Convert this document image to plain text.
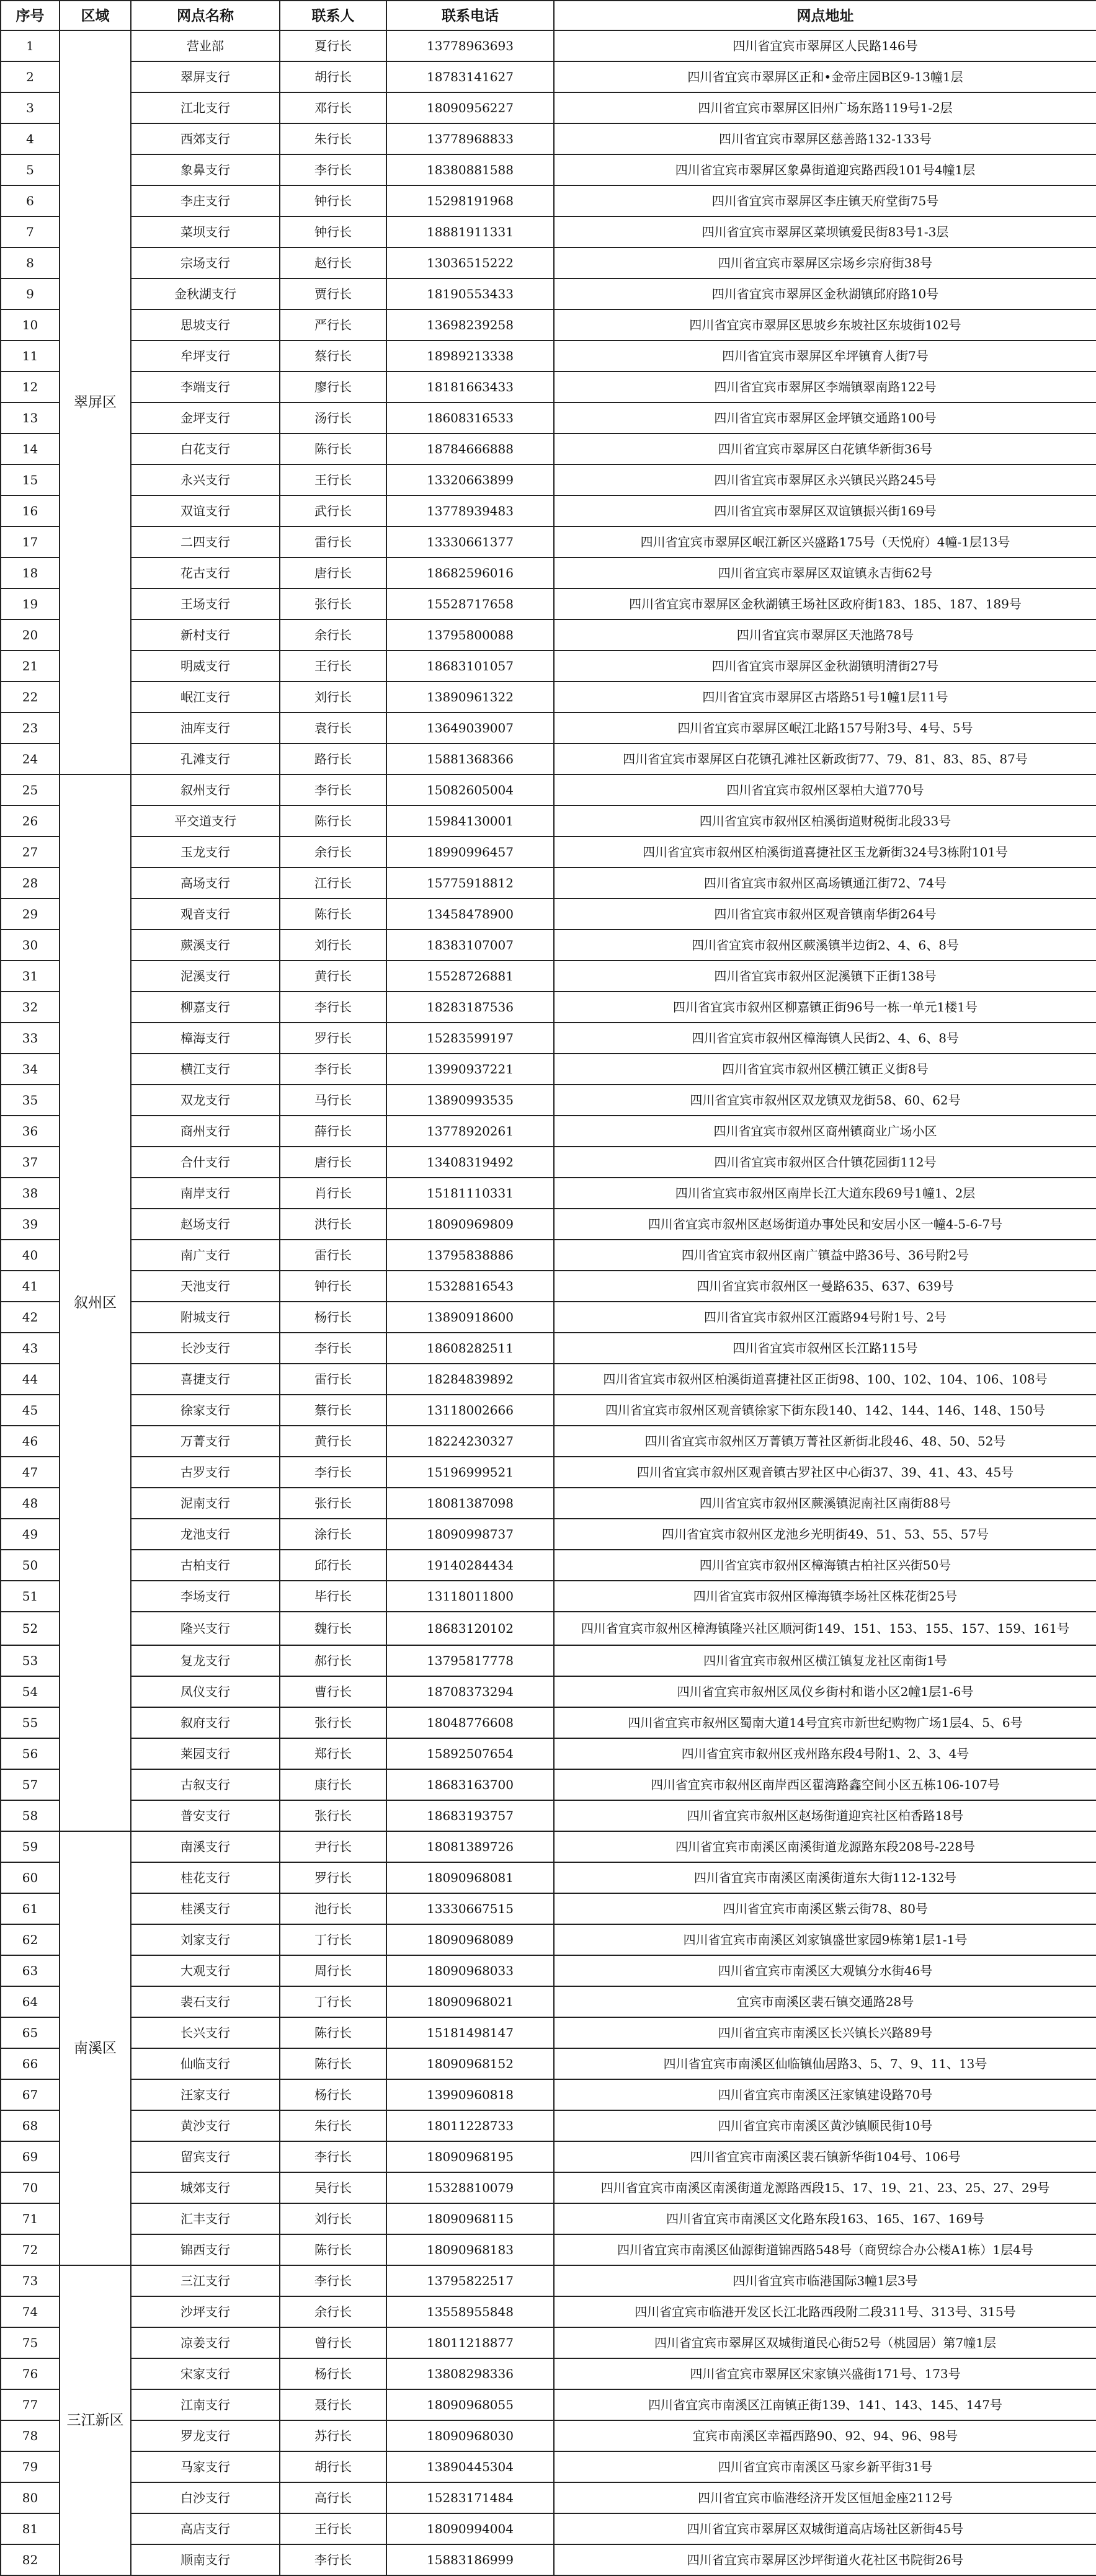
序号	区域	网点名称	联系人	联系电话	网点地址
1	翠屏区	营业部	夏行长	13778963693	四川省宜宾市翠屏区人民路146号
2		翠屏支行	胡行长	18783141627	四川省宜宾市翠屏区正和•金帝庄园B区9-13幢1层
3		江北支行	邓行长	18090956227	四川省宜宾市翠屏区旧州广场东路119号1-2层
4		西郊支行	朱行长	13778968833	四川省宜宾市翠屏区慈善路132-133号
5		象鼻支行	李行长	18380881588	四川省宜宾市翠屏区象鼻街道迎宾路西段101号4幢1层
6		李庄支行	钟行长	15298191968	四川省宜宾市翠屏区李庄镇天府堂街75号
7		菜坝支行	钟行长	18881911331	四川省宜宾市翠屏区菜坝镇爱民街83号1-3层
8		宗场支行	赵行长	13036515222	四川省宜宾市翠屏区宗场乡宗府街38号
9		金秋湖支行	贾行长	18190553433	四川省宜宾市翠屏区金秋湖镇邱府路10号
10		思坡支行	严行长	13698239258	四川省宜宾市翠屏区思坡乡东坡社区东坡街102号
11		牟坪支行	蔡行长	18989213338	四川省宜宾市翠屏区牟坪镇育人街7号
12		李端支行	廖行长	18181663433	四川省宜宾市翠屏区李端镇翠南路122号
13		金坪支行	汤行长	18608316533	四川省宜宾市翠屏区金坪镇交通路100号
14		白花支行	陈行长	18784666888	四川省宜宾市翠屏区白花镇华新街36号
15		永兴支行	王行长	13320663899	四川省宜宾市翠屏区永兴镇民兴路245号
16		双谊支行	武行长	13778939483	四川省宜宾市翠屏区双谊镇振兴街169号
17		二四支行	雷行长	13330661377	四川省宜宾市翠屏区岷江新区兴盛路175号（天悦府）4幢-1层13号
18		花古支行	唐行长	18682596016	四川省宜宾市翠屏区双谊镇永吉街62号
19		王场支行	张行长	15528717658	四川省宜宾市翠屏区金秋湖镇王场社区政府街183、185、187、189号
20		新村支行	余行长	13795800088	四川省宜宾市翠屏区天池路78号
21		明威支行	王行长	18683101057	四川省宜宾市翠屏区金秋湖镇明清街27号
22		岷江支行	刘行长	13890961322	四川省宜宾市翠屏区古塔路51号1幢1层11号
23		油库支行	袁行长	13649039007	四川省宜宾市翠屏区岷江北路157号附3号、4号、5号
24		孔滩支行	路行长	15881368366	四川省宜宾市翠屏区白花镇孔滩社区新政街77、79、81、83、85、87号
25	叙州区	叙州支行	李行长	15082605004	四川省宜宾市叙州区翠柏大道770号
26		平交道支行	陈行长	15984130001	四川省宜宾市叙州区柏溪街道财税街北段33号
27		玉龙支行	余行长	18990996457	四川省宜宾市叙州区柏溪街道喜捷社区玉龙新街324号3栋附101号
28		高场支行	江行长	15775918812	四川省宜宾市叙州区高场镇通江街72、74号
29		观音支行	陈行长	13458478900	四川省宜宾市叙州区观音镇南华街264号
30		蕨溪支行	刘行长	18383107007	四川省宜宾市叙州区蕨溪镇半边街2、4、6、8号
31		泥溪支行	黄行长	15528726881	四川省宜宾市叙州区泥溪镇下正街138号
32		柳嘉支行	李行长	18283187536	四川省宜宾市叙州区柳嘉镇正街96号一栋一单元1楼1号
33		樟海支行	罗行长	15283599197	四川省宜宾市叙州区樟海镇人民街2、4、6、8号
34		横江支行	李行长	13990937221	四川省宜宾市叙州区横江镇正义街8号
35		双龙支行	马行长	13890993535	四川省宜宾市叙州区双龙镇双龙街58、60、62号
36		商州支行	薛行长	13778920261	四川省宜宾市叙州区商州镇商业广场小区
37		合什支行	唐行长	13408319492	四川省宜宾市叙州区合什镇花园街112号
38		南岸支行	肖行长	15181110331	四川省宜宾市叙州区南岸长江大道东段69号1幢1、2层
39		赵场支行	洪行长	18090969809	四川省宜宾市叙州区赵场街道办事处民和安居小区一幢4-5-6-7号
40		南广支行	雷行长	13795838886	四川省宜宾市叙州区南广镇益中路36号、36号附2号
41		天池支行	钟行长	15328816543	四川省宜宾市叙州区一曼路635、637、639号
42		附城支行	杨行长	13890918600	四川省宜宾市叙州区江霞路94号附1号、2号
43		长沙支行	李行长	18608282511	四川省宜宾市叙州区长江路115号
44		喜捷支行	雷行长	18284839892	四川省宜宾市叙州区柏溪街道喜捷社区正街98、100、102、104、106、108号
45		徐家支行	蔡行长	13118002666	四川省宜宾市叙州区观音镇徐家下街东段140、142、144、146、148、150号
46		万菁支行	黄行长	18224230327	四川省宜宾市叙州区万菁镇万菁社区新街北段46、48、50、52号
47		古罗支行	李行长	15196999521	四川省宜宾市叙州区观音镇古罗社区中心街37、39、41、43、45号
48		泥南支行	张行长	18081387098	四川省宜宾市叙州区蕨溪镇泥南社区南街88号
49		龙池支行	涂行长	18090998737	四川省宜宾市叙州区龙池乡光明街49、51、53、55、57号
50		古柏支行	邱行长	19140284434	四川省宜宾市叙州区樟海镇古柏社区兴街50号
51		李场支行	毕行长	13118011800	四川省宜宾市叙州区樟海镇李场社区株花街25号
52		隆兴支行	魏行长	18683120102	四川省宜宾市叙州区樟海镇隆兴社区顺河街149、151、153、155、157、159、161号
53		复龙支行	郝行长	13795817778	四川省宜宾市叙州区横江镇复龙社区南街1号
54		凤仪支行	曹行长	18708373294	四川省宜宾市叙州区凤仪乡街村和谐小区2幢1层1-6号
55		叙府支行	张行长	18048776608	四川省宜宾市叙州区蜀南大道14号宜宾市新世纪购物广场1层4、5、6号
56		莱园支行	郑行长	15892507654	四川省宜宾市叙州区戎州路东段4号附1、2、3、4号
57		古叙支行	康行长	18683163700	四川省宜宾市叙州区南岸西区翟湾路鑫空间小区五栋106-107号
58		普安支行	张行长	18683193757	四川省宜宾市叙州区赵场街道迎宾社区柏香路18号
59	南溪区	南溪支行	尹行长	18081389726	四川省宜宾市南溪区南溪街道龙源路东段208号-228号
60		桂花支行	罗行长	18090968081	四川省宜宾市南溪区南溪街道东大街112-132号
61		桂溪支行	池行长	13330667515	四川省宜宾市南溪区紫云街78、80号
62		刘家支行	丁行长	18090968089	四川省宜宾市南溪区刘家镇盛世家园9栋第1层1-1号
63		大观支行	周行长	18090968033	四川省宜宾市南溪区大观镇分水街46号
64		裴石支行	丁行长	18090968021	宜宾市南溪区裴石镇交通路28号
65		长兴支行	陈行长	15181498147	四川省宜宾市南溪区长兴镇长兴路89号
66		仙临支行	陈行长	18090968152	四川省宜宾市南溪区仙临镇仙居路3、5、7、9、11、13号
67		汪家支行	杨行长	13990960818	四川省宜宾市南溪区汪家镇建设路70号
68		黄沙支行	朱行长	18011228733	四川省宜宾市南溪区黄沙镇顺民街10号
69		留宾支行	李行长	18090968195	四川省宜宾市南溪区裴石镇新华街104号、106号
70		城郊支行	吴行长	15328810079	四川省宜宾市南溪区南溪街道龙源路西段15、17、19、21、23、25、27、29号
71		汇丰支行	刘行长	18090968115	四川省宜宾市南溪区文化路东段163、165、167、169号
72		锦西支行	陈行长	18090968183	四川省宜宾市南溪区仙源街道锦西路548号（商贸综合办公楼A1栋）1层4号
73	三江新区	三江支行	李行长	13795822517	四川省宜宾市临港国际3幢1层3号
74		沙坪支行	余行长	13558955848	四川省宜宾市临港开发区长江北路西段附二段311号、313号、315号
75		凉姜支行	曾行长	18011218877	四川省宜宾市翠屏区双城街道民心街52号（桃园居）第7幢1层
76		宋家支行	杨行长	13808298336	四川省宜宾市翠屏区宋家镇兴盛街171号、173号
77		江南支行	聂行长	18090968055	四川省宜宾市南溪区江南镇正街139、141、143、145、147号
78		罗龙支行	苏行长	18090968030	宜宾市南溪区幸福西路90、92、94、96、98号
79		马家支行	胡行长	13890445304	四川省宜宾市南溪区马家乡新平街31号
80		白沙支行	高行长	15283171484	四川省宜宾市临港经济开发区恒旭金座2112号
81		高店支行	王行长	18090994004	四川省宜宾市翠屏区双城街道高店场社区新街45号
82		顺南支行	李行长	15883186999	四川省宜宾市翠屏区沙坪街道火花社区书院街26号
